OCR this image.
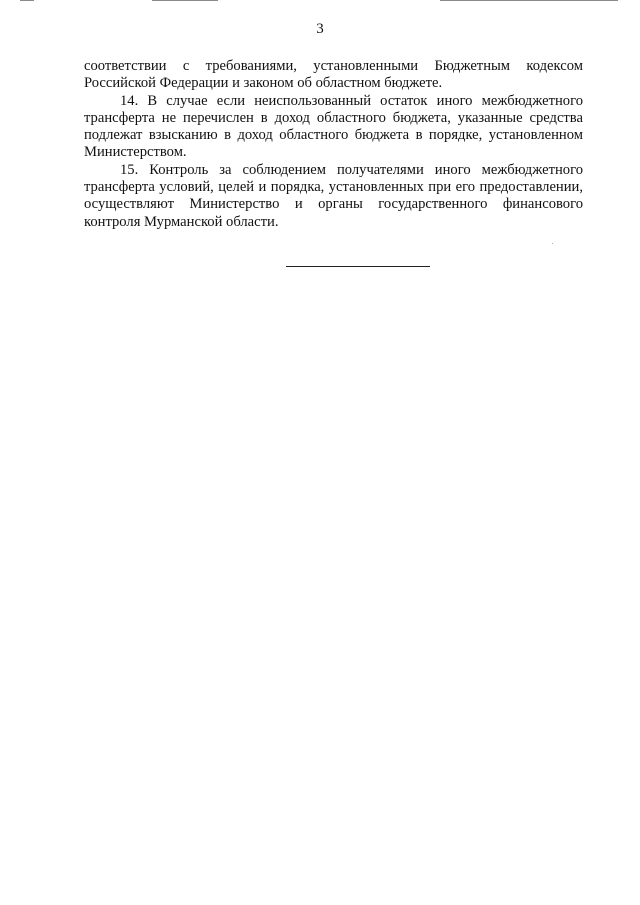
3

соответствии с требованиями, установленными Бюджетным кодексом Российской Федерации и законом об областном бюджете.

14. В случае если неиспользованный остаток иного межбюджетного трансферта не перечислен в доход областного бюджета, указанные средства подлежат взысканию в доход областного бюджета в порядке, установленном Министерством.

15. Контроль за соблюдением получателями иного межбюджетного трансферта условий, целей и порядка, установленных при его предоставлении, осуществляют Министерство и органы государственного финансового контроля Мурманской области.
